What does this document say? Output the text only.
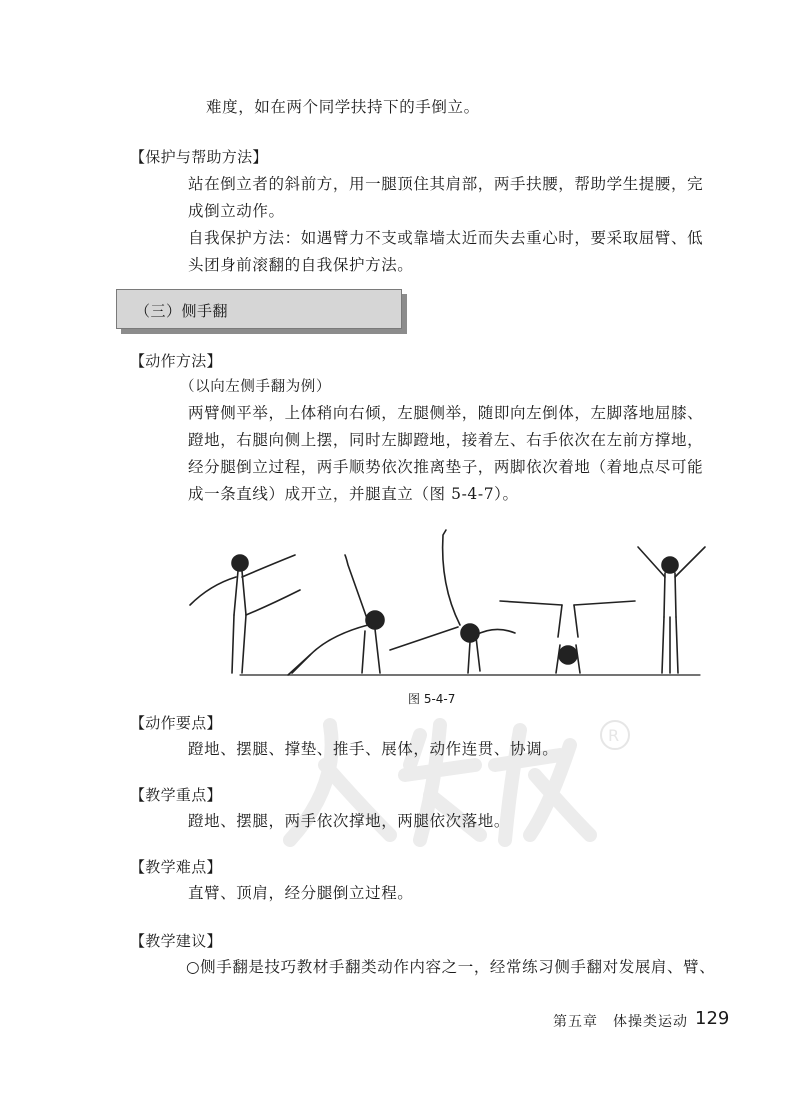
R
难度，如在两个同学扶持下的手倒立。
【保护与帮助方法】
站在倒立者的斜前方，用一腿顶住其肩部，两手扶腰，帮助学生提腰，完
成倒立动作。
自我保护方法：如遇臂力不支或靠墙太近而失去重心时，要采取屈臂、低
头团身前滚翻的自我保护方法。
（三）侧手翻
【动作方法】
（以向左侧手翻为例）
两臂侧平举，上体稍向右倾，左腿侧举，随即向左倒体，左脚落地屈膝、
蹬地，右腿向侧上摆，同时左脚蹬地，接着左、右手依次在左前方撑地，
经分腿倒立过程，两手顺势依次推离垫子，两脚依次着地（着地点尽可能
成一条直线）成开立，并腿直立（图 5-4-7）。
图 5-4-7
【动作要点】
蹬地、摆腿、撑垫、推手、展体，动作连贯、协调。
【教学重点】
蹬地、摆腿，两手依次撑地，两腿依次落地。
【教学难点】
直臂、顶肩，经分腿倒立过程。
【教学建议】
○侧手翻是技巧教材手翻类动作内容之一，经常练习侧手翻对发展肩、臂、
第五章　体操类运动 129
